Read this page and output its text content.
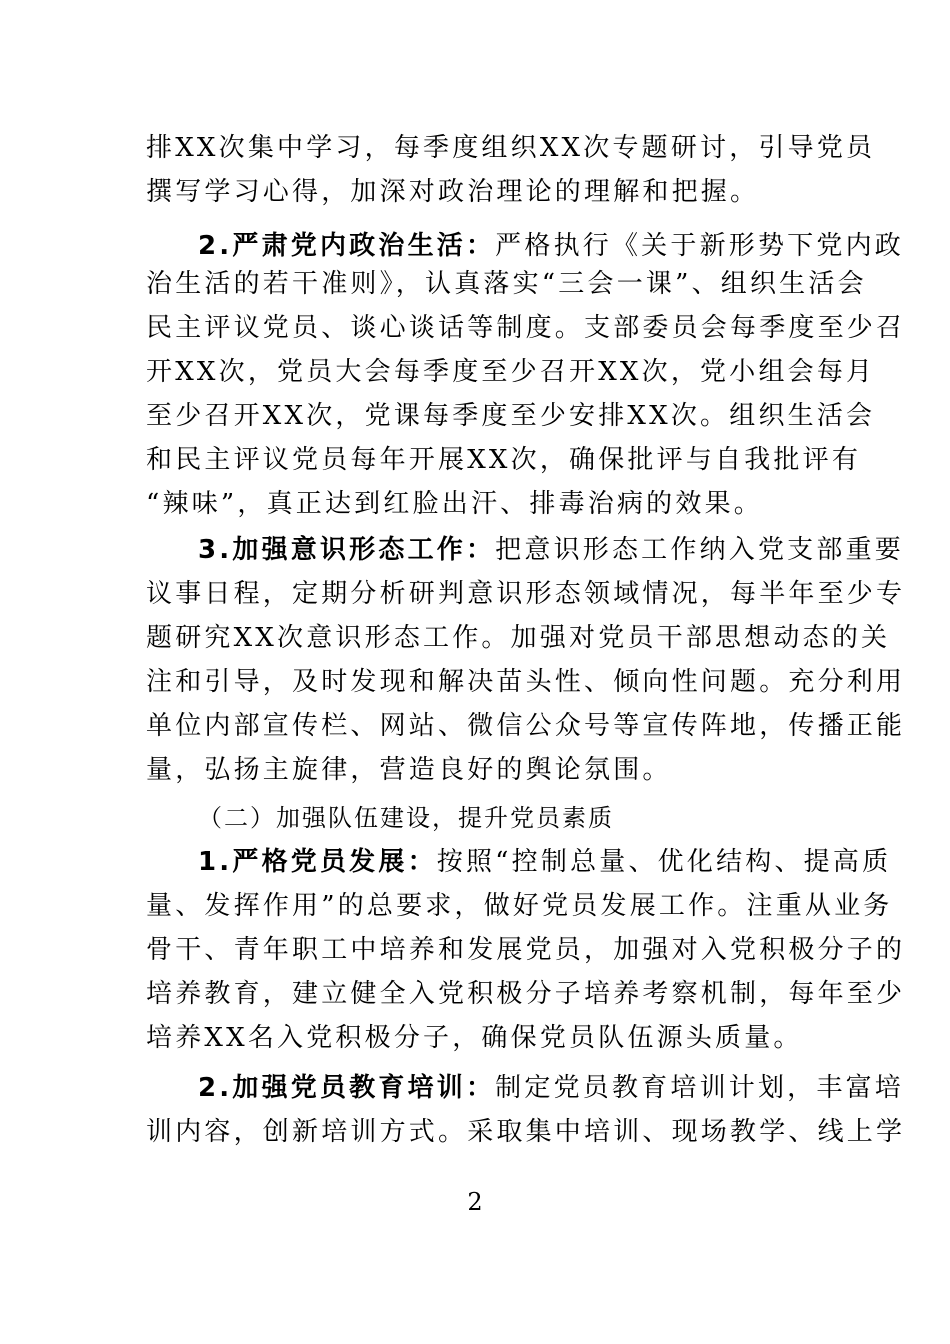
排XX次集中学习，每季度组织XX次专题研讨，引导党员
撰写学习心得，加深对政治理论的理解和把握。
2.严肃党内政治生活：严格执行《关于新形势下党内政
治生活的若干准则》，认真落实“三会一课”、组织生活会
民主评议党员、谈心谈话等制度。支部委员会每季度至少召
开XX次，党员大会每季度至少召开XX次，党小组会每月
至少召开XX次，党课每季度至少安排XX次。组织生活会
和民主评议党员每年开展XX次，确保批评与自我批评有
“辣味”，真正达到红脸出汗、排毒治病的效果。
3.加强意识形态工作：把意识形态工作纳入党支部重要
议事日程，定期分析研判意识形态领域情况，每半年至少专
题研究XX次意识形态工作。加强对党员干部思想动态的关
注和引导，及时发现和解决苗头性、倾向性问题。充分利用
单位内部宣传栏、网站、微信公众号等宣传阵地，传播正能
量，弘扬主旋律，营造良好的舆论氛围。
（二）加强队伍建设，提升党员素质
1.严格党员发展：按照“控制总量、优化结构、提高质
量、发挥作用”的总要求，做好党员发展工作。注重从业务
骨干、青年职工中培养和发展党员，加强对入党积极分子的
培养教育，建立健全入党积极分子培养考察机制，每年至少
培养XX名入党积极分子，确保党员队伍源头质量。
2.加强党员教育培训：制定党员教育培训计划，丰富培
训内容，创新培训方式。采取集中培训、现场教学、线上学
2
